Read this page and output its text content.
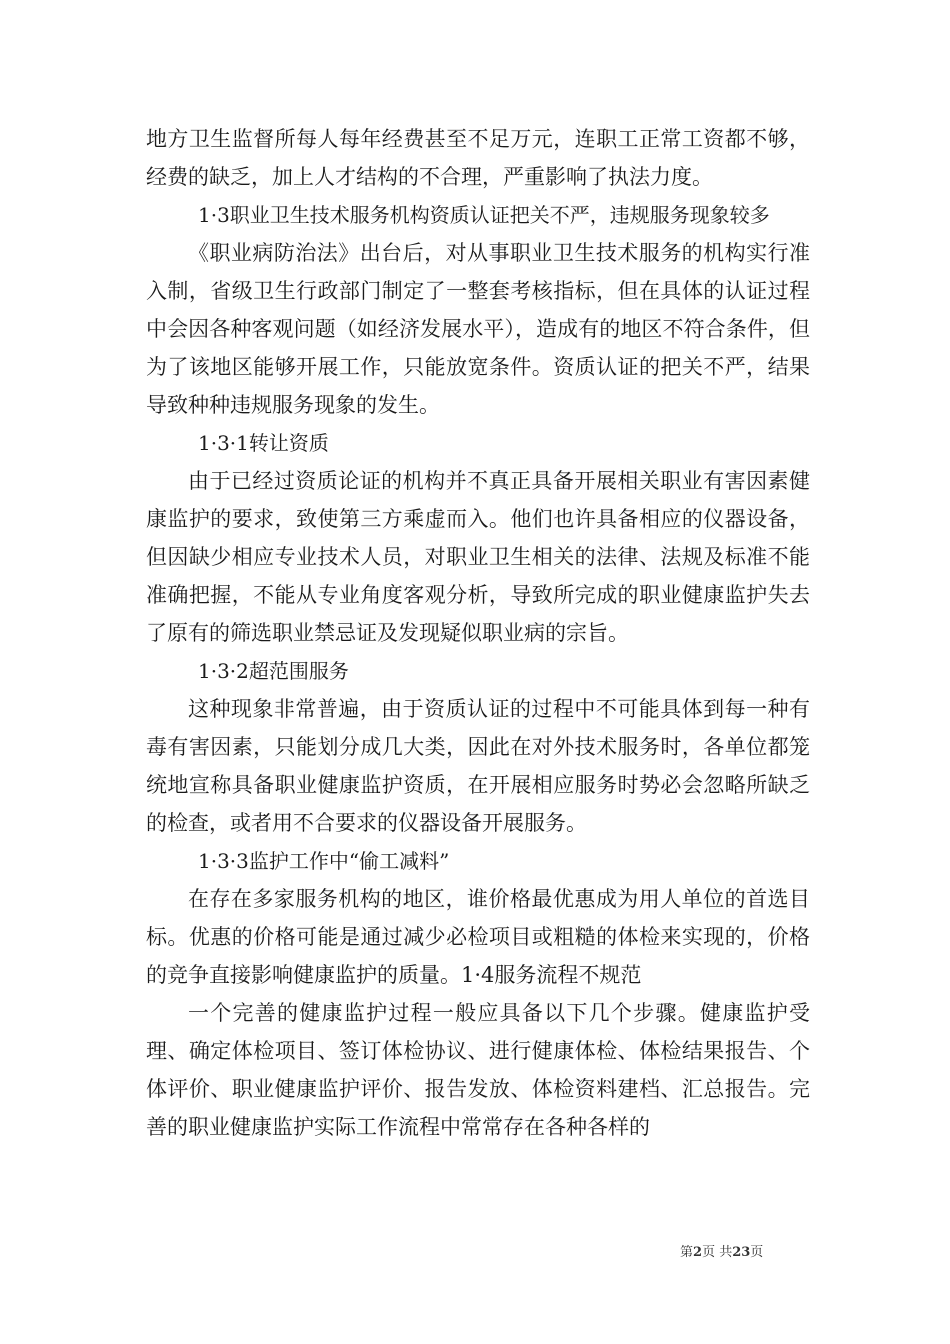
地方卫生监督所每人每年经费甚至不足万元，连职工正常工资都不够，经费的缺乏，加上人才结构的不合理，严重影响了执法力度。

1·3职业卫生技术服务机构资质认证把关不严，违规服务现象较多

《职业病防治法》出台后，对从事职业卫生技术服务的机构实行准入制，省级卫生行政部门制定了一整套考核指标，但在具体的认证过程中会因各种客观问题（如经济发展水平），造成有的地区不符合条件，但为了该地区能够开展工作，只能放宽条件。资质认证的把关不严，结果导致种种违规服务现象的发生。

1·3·1转让资质

由于已经过资质论证的机构并不真正具备开展相关职业有害因素健康监护的要求，致使第三方乘虚而入。他们也许具备相应的仪器设备，但因缺少相应专业技术人员，对职业卫生相关的法律、法规及标准不能准确把握，不能从专业角度客观分析，导致所完成的职业健康监护失去了原有的筛选职业禁忌证及发现疑似职业病的宗旨。

1·3·2超范围服务

这种现象非常普遍，由于资质认证的过程中不可能具体到每一种有毒有害因素，只能划分成几大类，因此在对外技术服务时，各单位都笼统地宣称具备职业健康监护资质，在开展相应服务时势必会忽略所缺乏的检查，或者用不合要求的仪器设备开展服务。

1·3·3监护工作中“偷工减料”

在存在多家服务机构的地区，谁价格最优惠成为用人单位的首选目标。优惠的价格可能是通过减少必检项目或粗糙的体检来实现的，价格的竞争直接影响健康监护的质量。1·4服务流程不规范

一个完善的健康监护过程一般应具备以下几个步骤。健康监护受理、确定体检项目、签订体检协议、进行健康体检、体检结果报告、个体评价、职业健康监护评价、报告发放、体检资料建档、汇总报告。完善的职业健康监护实际工作流程中常常存在各种各样的

第2页 共23页
